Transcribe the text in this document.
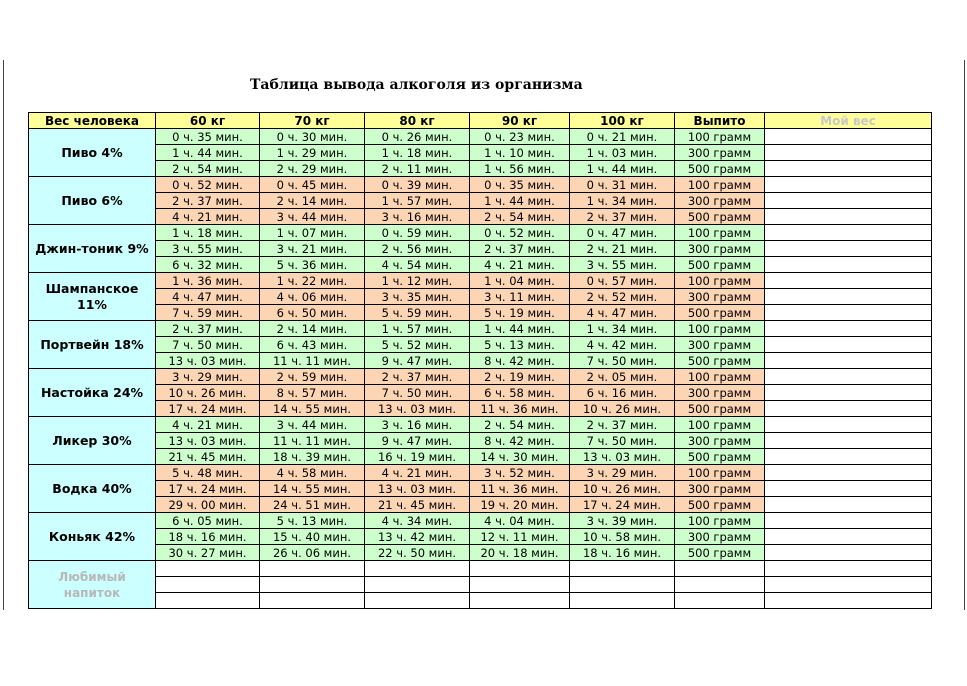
Таблица вывода алкоголя из организма
Вес человека	60 кг	70 кг	80 кг	90 кг	100 кг	Выпито	Мой вес
Пиво 4%	0 ч. 35 мин.	0 ч. 30 мин.	0 ч. 26 мин.	0 ч. 23 мин.	0 ч. 21 мин.	100 грамм	
	1 ч. 44 мин.	1 ч. 29 мин.	1 ч. 18 мин.	1 ч. 10 мин.	1 ч. 03 мин.	300 грамм	
	2 ч. 54 мин.	2 ч. 29 мин.	2 ч. 11 мин.	1 ч. 56 мин.	1 ч. 44 мин.	500 грамм	
Пиво 6%	0 ч. 52 мин.	0 ч. 45 мин.	0 ч. 39 мин.	0 ч. 35 мин.	0 ч. 31 мин.	100 грамм	
	2 ч. 37 мин.	2 ч. 14 мин.	1 ч. 57 мин.	1 ч. 44 мин.	1 ч. 34 мин.	300 грамм	
	4 ч. 21 мин.	3 ч. 44 мин.	3 ч. 16 мин.	2 ч. 54 мин.	2 ч. 37 мин.	500 грамм	
Джин-тоник 9%	1 ч. 18 мин.	1 ч. 07 мин.	0 ч. 59 мин.	0 ч. 52 мин.	0 ч. 47 мин.	100 грамм	
	3 ч. 55 мин.	3 ч. 21 мин.	2 ч. 56 мин.	2 ч. 37 мин.	2 ч. 21 мин.	300 грамм	
	6 ч. 32 мин.	5 ч. 36 мин.	4 ч. 54 мин.	4 ч. 21 мин.	3 ч. 55 мин.	500 грамм	
Шампанское 11%	1 ч. 36 мин.	1 ч. 22 мин.	1 ч. 12 мин.	1 ч. 04 мин.	0 ч. 57 мин.	100 грамм	
	4 ч. 47 мин.	4 ч. 06 мин.	3 ч. 35 мин.	3 ч. 11 мин.	2 ч. 52 мин.	300 грамм	
	7 ч. 59 мин.	6 ч. 50 мин.	5 ч. 59 мин.	5 ч. 19 мин.	4 ч. 47 мин.	500 грамм	
Портвейн 18%	2 ч. 37 мин.	2 ч. 14 мин.	1 ч. 57 мин.	1 ч. 44 мин.	1 ч. 34 мин.	100 грамм	
	7 ч. 50 мин.	6 ч. 43 мин.	5 ч. 52 мин.	5 ч. 13 мин.	4 ч. 42 мин.	300 грамм	
	13 ч. 03 мин.	11 ч. 11 мин.	9 ч. 47 мин.	8 ч. 42 мин.	7 ч. 50 мин.	500 грамм	
Настойка 24%	3 ч. 29 мин.	2 ч. 59 мин.	2 ч. 37 мин.	2 ч. 19 мин.	2 ч. 05 мин.	100 грамм	
	10 ч. 26 мин.	8 ч. 57 мин.	7 ч. 50 мин.	6 ч. 58 мин.	6 ч. 16 мин.	300 грамм	
	17 ч. 24 мин.	14 ч. 55 мин.	13 ч. 03 мин.	11 ч. 36 мин.	10 ч. 26 мин.	500 грамм	
Ликер 30%	4 ч. 21 мин.	3 ч. 44 мин.	3 ч. 16 мин.	2 ч. 54 мин.	2 ч. 37 мин.	100 грамм	
	13 ч. 03 мин.	11 ч. 11 мин.	9 ч. 47 мин.	8 ч. 42 мин.	7 ч. 50 мин.	300 грамм	
	21 ч. 45 мин.	18 ч. 39 мин.	16 ч. 19 мин.	14 ч. 30 мин.	13 ч. 03 мин.	500 грамм	
Водка 40%	5 ч. 48 мин.	4 ч. 58 мин.	4 ч. 21 мин.	3 ч. 52 мин.	3 ч. 29 мин.	100 грамм	
	17 ч. 24 мин.	14 ч. 55 мин.	13 ч. 03 мин.	11 ч. 36 мин.	10 ч. 26 мин.	300 грамм	
	29 ч. 00 мин.	24 ч. 51 мин.	21 ч. 45 мин.	19 ч. 20 мин.	17 ч. 24 мин.	500 грамм	
Коньяк 42%	6 ч. 05 мин.	5 ч. 13 мин.	4 ч. 34 мин.	4 ч. 04 мин.	3 ч. 39 мин.	100 грамм	
	18 ч. 16 мин.	15 ч. 40 мин.	13 ч. 42 мин.	12 ч. 11 мин.	10 ч. 58 мин.	300 грамм	
	30 ч. 27 мин.	26 ч. 06 мин.	22 ч. 50 мин.	20 ч. 18 мин.	18 ч. 16 мин.	500 грамм	
Любимый напиток							
